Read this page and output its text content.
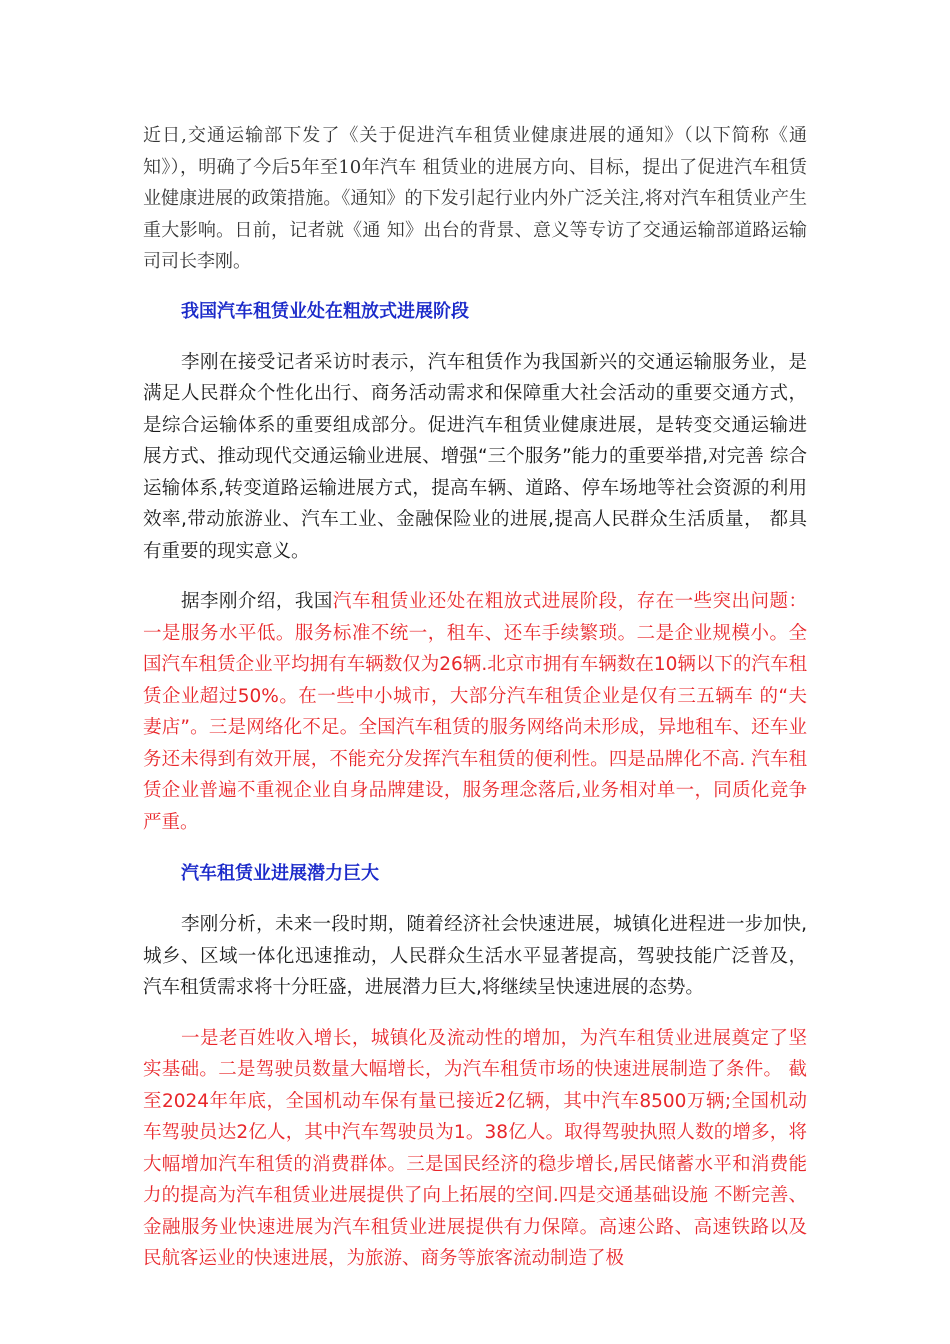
近日,交通运输部下发了《关于促进汽车租赁业健康进展的通知》（以下简称《通知》），明确了今后5年至10年汽车 租赁业的进展方向、目标，提出了促进汽车租赁业健康进展的政策措施。《通知》的下发引起行业内外广泛关注,将对汽车租赁业产生重大影响。日前，记者就《通 知》出台的背景、意义等专访了交通运输部道路运输司司长李刚。

我国汽车租赁业处在粗放式进展阶段

李刚在接受记者采访时表示，汽车租赁作为我国新兴的交通运输服务业，是满足人民群众个性化出行、商务活动需求和保障重大社会活动的重要交通方式，是综合运输体系的重要组成部分。促进汽车租赁业健康进展，是转变交通运输进展方式、推动现代交通运输业进展、增强“三个服务”能力的重要举措,对完善 综合运输体系,转变道路运输进展方式，提高车辆、道路、停车场地等社会资源的利用效率,带动旅游业、汽车工业、金融保险业的进展,提高人民群众生活质量， 都具有重要的现实意义。

据李刚介绍，我国汽车租赁业还处在粗放式进展阶段，存在一些突出问题：一是服务水平低。服务标准不统一，租车、还车手续繁琐。二是企业规模小。全国汽车租赁企业平均拥有车辆数仅为26辆.北京市拥有车辆数在10辆以下的汽车租赁企业超过50%。在一些中小城市，大部分汽车租赁企业是仅有三五辆车 的“夫妻店”。三是网络化不足。全国汽车租赁的服务网络尚未形成，异地租车、还车业务还未得到有效开展，不能充分发挥汽车租赁的便利性。四是品牌化不高. 汽车租赁企业普遍不重视企业自身品牌建设，服务理念落后,业务相对单一，同质化竞争严重。

汽车租赁业进展潜力巨大

李刚分析，未来一段时期，随着经济社会快速进展，城镇化进程进一步加快,城乡、区域一体化迅速推动，人民群众生活水平显著提高，驾驶技能广泛普及，汽车租赁需求将十分旺盛，进展潜力巨大,将继续呈快速进展的态势。

一是老百姓收入增长，城镇化及流动性的增加，为汽车租赁业进展奠定了坚实基础。二是驾驶员数量大幅增长，为汽车租赁市场的快速进展制造了条件。 截至2024年年底，全国机动车保有量已接近2亿辆，其中汽车8500万辆;全国机动车驾驶员达2亿人，其中汽车驾驶员为1。38亿人。取得驾驶执照人数的增多，将大幅增加汽车租赁的消费群体。三是国民经济的稳步增长,居民储蓄水平和消费能力的提高为汽车租赁业进展提供了向上拓展的空间.四是交通基础设施 不断完善、金融服务业快速进展为汽车租赁业进展提供有力保障。高速公路、高速铁路以及民航客运业的快速进展，为旅游、商务等旅客流动制造了极
